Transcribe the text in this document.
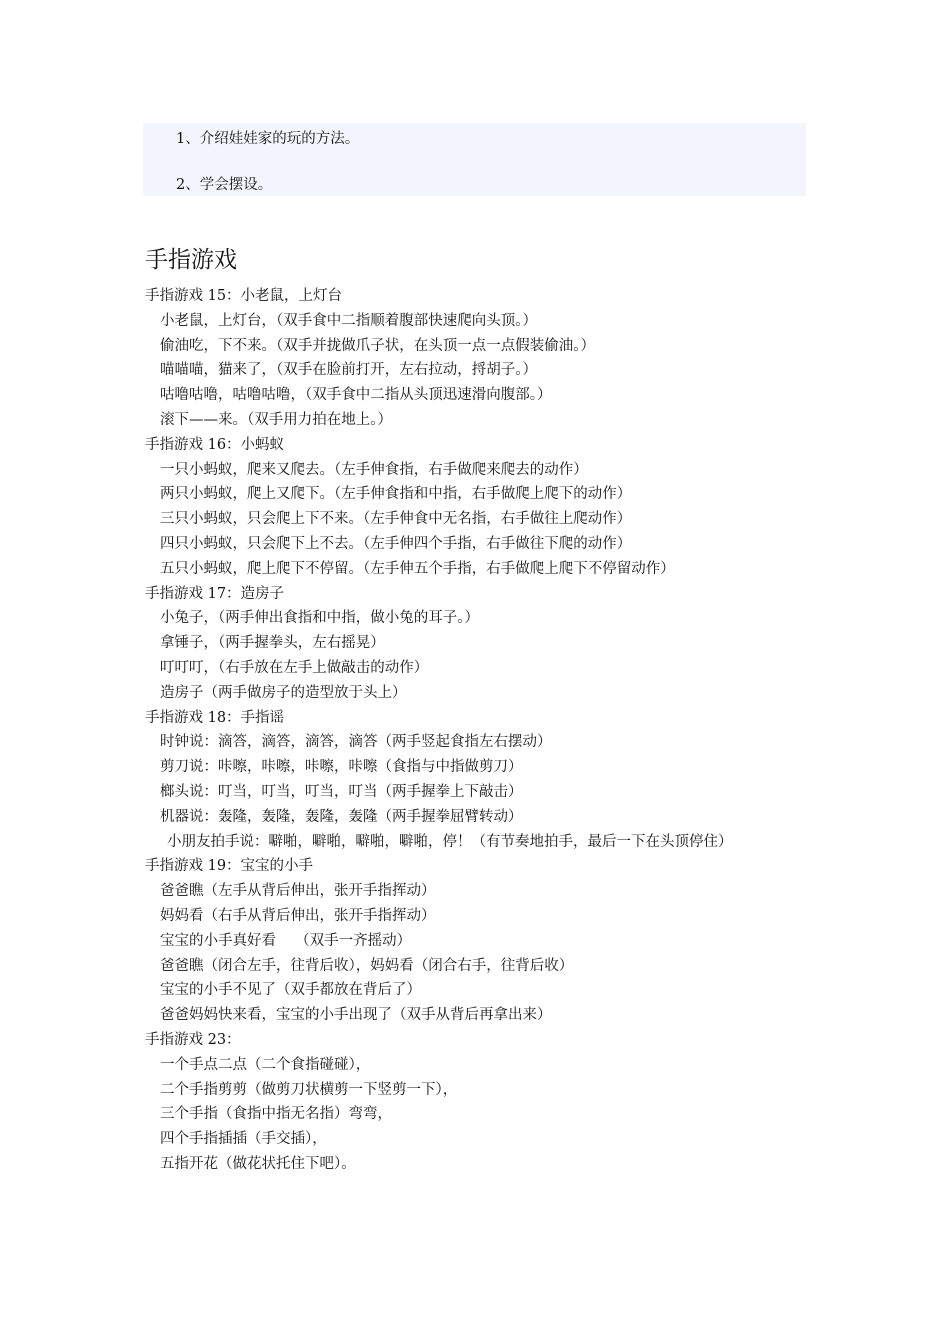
1、介绍娃娃家的玩的方法。
2、学会摆设。
手指游戏

手指游戏 15：小老鼠，上灯台

小老鼠，上灯台，（双手食中二指顺着腹部快速爬向头顶。）

偷油吃，下不来。（双手并拢做爪子状，在头顶一点一点假装偷油。）

喵喵喵，猫来了，（双手在脸前打开，左右拉动，捋胡子。）

咕噜咕噜，咕噜咕噜，（双手食中二指从头顶迅速滑向腹部。）

滚下——来。（双手用力拍在地上。）

手指游戏 16：小蚂蚁

一只小蚂蚁，爬来又爬去。（左手伸食指，右手做爬来爬去的动作）

两只小蚂蚁，爬上又爬下。（左手伸食指和中指，右手做爬上爬下的动作）

三只小蚂蚁，只会爬上下不来。（左手伸食中无名指，右手做往上爬动作）

四只小蚂蚁，只会爬下上不去。（左手伸四个手指，右手做往下爬的动作）

五只小蚂蚁，爬上爬下不停留。（左手伸五个手指，右手做爬上爬下不停留动作）

手指游戏 17：造房子

小兔子，（两手伸出食指和中指，做小兔的耳子。）

拿锤子，（两手握拳头，左右摇晃）

叮叮叮，（右手放在左手上做敲击的动作）

造房子（两手做房子的造型放于头上）

手指游戏 18：手指谣

时钟说：滴答，滴答，滴答，滴答（两手竖起食指左右摆动）

剪刀说：咔嚓，咔嚓，咔嚓，咔嚓（食指与中指做剪刀）

榔头说：叮当，叮当，叮当，叮当（两手握拳上下敲击）

机器说：轰隆，轰隆，轰隆，轰隆（两手握拳屈臂转动）

小朋友拍手说：噼啪，噼啪，噼啪，噼啪，停！（有节奏地拍手，最后一下在头顶停住）

手指游戏 19：宝宝的小手

爸爸瞧（左手从背后伸出，张开手指挥动）

妈妈看（右手从背后伸出，张开手指挥动）

宝宝的小手真好看　 （双手一齐摇动）

爸爸瞧（闭合左手，往背后收），妈妈看（闭合右手，往背后收）

宝宝的小手不见了（双手都放在背后了）

爸爸妈妈快来看，宝宝的小手出现了（双手从背后再拿出来）

手指游戏 23：

一个手点二点（二个食指碰碰），

二个手指剪剪（做剪刀状横剪一下竖剪一下），

三个手指（食指中指无名指）弯弯，

四个手指插插（手交插），

五指开花（做花状托住下吧）。
